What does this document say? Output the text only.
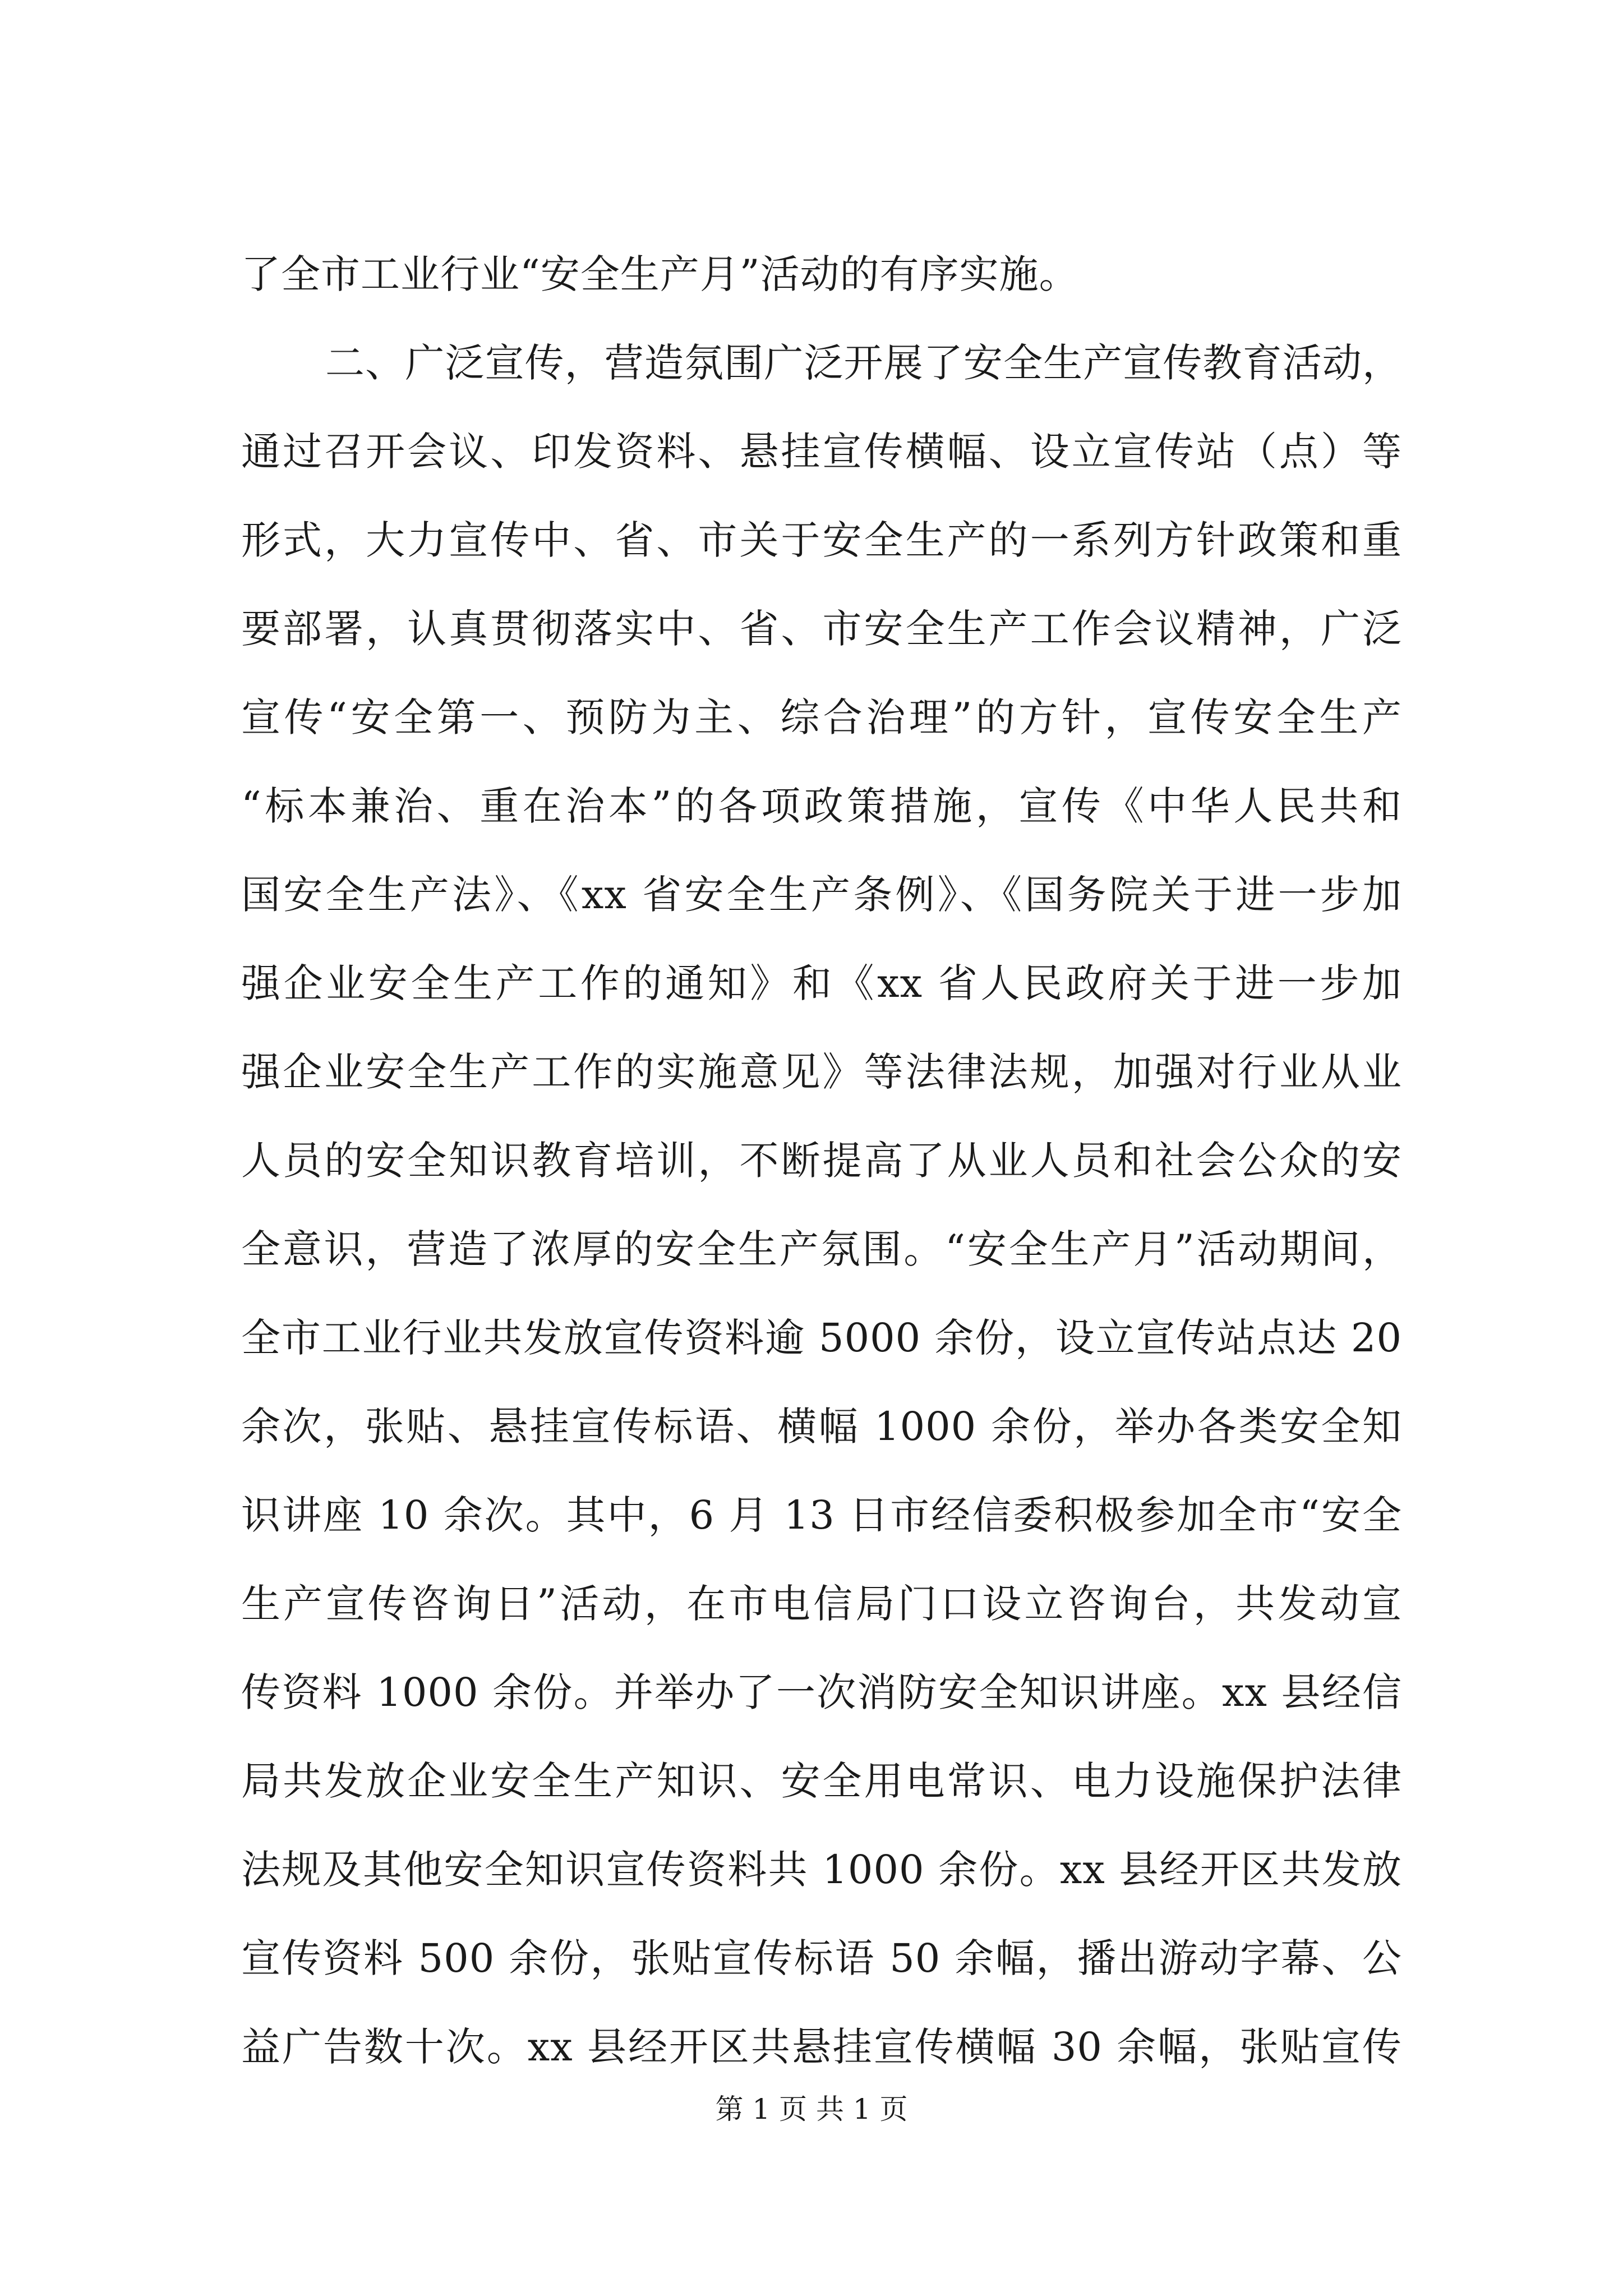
了全市工业行业“安全生产月”活动的有序实施。
二、广泛宣传，营造氛围广泛开展了安全生产宣传教育活动，
通过召开会议、印发资料、悬挂宣传横幅、设立宣传站（点）等
形式，大力宣传中、省、市关于安全生产的一系列方针政策和重
要部署，认真贯彻落实中、省、市安全生产工作会议精神，广泛
宣传“安全第一、预防为主、综合治理”的方针，宣传安全生产
“标本兼治、重在治本”的各项政策措施，宣传《中华人民共和
国安全生产法》、《xx 省安全生产条例》、《国务院关于进一步加
强企业安全生产工作的通知》和《xx 省人民政府关于进一步加
强企业安全生产工作的实施意见》等法律法规，加强对行业从业
人员的安全知识教育培训，不断提高了从业人员和社会公众的安
全意识，营造了浓厚的安全生产氛围。“安全生产月”活动期间，
全市工业行业共发放宣传资料逾 5000 余份，设立宣传站点达 20
余次，张贴、悬挂宣传标语、横幅 1000 余份，举办各类安全知
识讲座 10 余次。其中，6 月 13 日市经信委积极参加全市“安全
生产宣传咨询日”活动，在市电信局门口设立咨询台，共发动宣
传资料 1000 余份。并举办了一次消防安全知识讲座。xx 县经信
局共发放企业安全生产知识、安全用电常识、电力设施保护法律
法规及其他安全知识宣传资料共 1000 余份。xx 县经开区共发放
宣传资料 500 余份，张贴宣传标语 50 余幅，播出游动字幕、公
益广告数十次。xx 县经开区共悬挂宣传横幅 30 余幅，张贴宣传
第 1 页 共 1 页
